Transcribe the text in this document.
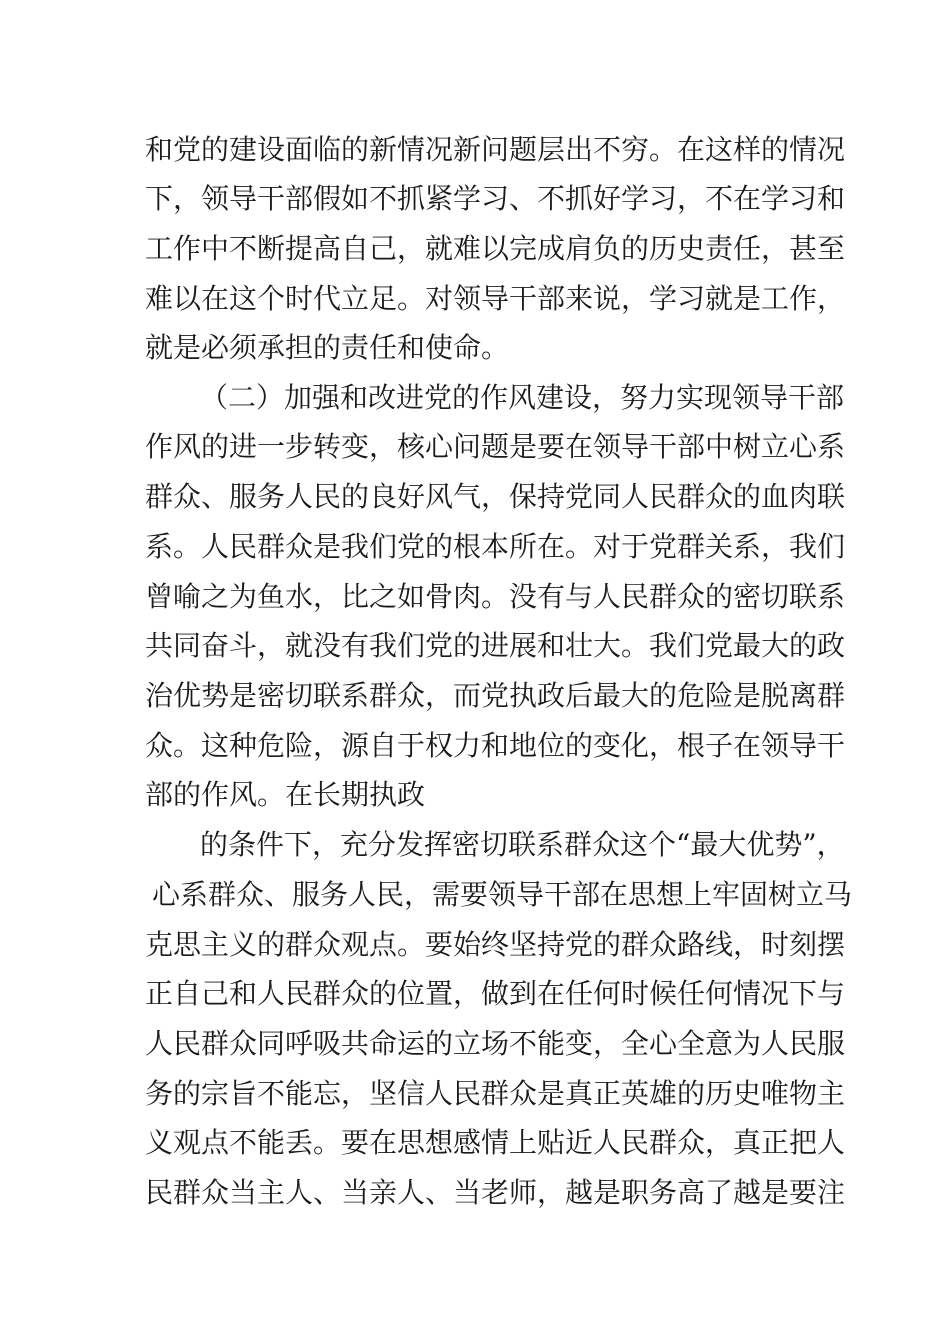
和党的建设面临的新情况新问题层出不穷。在这样的情况
下，领导干部假如不抓紧学习、不抓好学习，不在学习和
工作中不断提高自己，就难以完成肩负的历史责任，甚至
难以在这个时代立足。对领导干部来说，学习就是工作，
就是必须承担的责任和使命。
（二）加强和改进党的作风建设，努力实现领导干部
作风的进一步转变，核心问题是要在领导干部中树立心系
群众、服务人民的良好风气，保持党同人民群众的血肉联
系。人民群众是我们党的根本所在。对于党群关系，我们
曾喻之为鱼水，比之如骨肉。没有与人民群众的密切联系
共同奋斗，就没有我们党的进展和壮大。我们党最大的政
治优势是密切联系群众，而党执政后最大的危险是脱离群
众。这种危险，源自于权力和地位的变化，根子在领导干
部的作风。在长期执政
的条件下，充分发挥密切联系群众这个“最大优势”，
心系群众、服务人民，需要领导干部在思想上牢固树立马
克思主义的群众观点。要始终坚持党的群众路线，时刻摆
正自己和人民群众的位置，做到在任何时候任何情况下与
人民群众同呼吸共命运的立场不能变，全心全意为人民服
务的宗旨不能忘，坚信人民群众是真正英雄的历史唯物主
义观点不能丢。要在思想感情上贴近人民群众，真正把人
民群众当主人、当亲人、当老师，越是职务高了越是要注
